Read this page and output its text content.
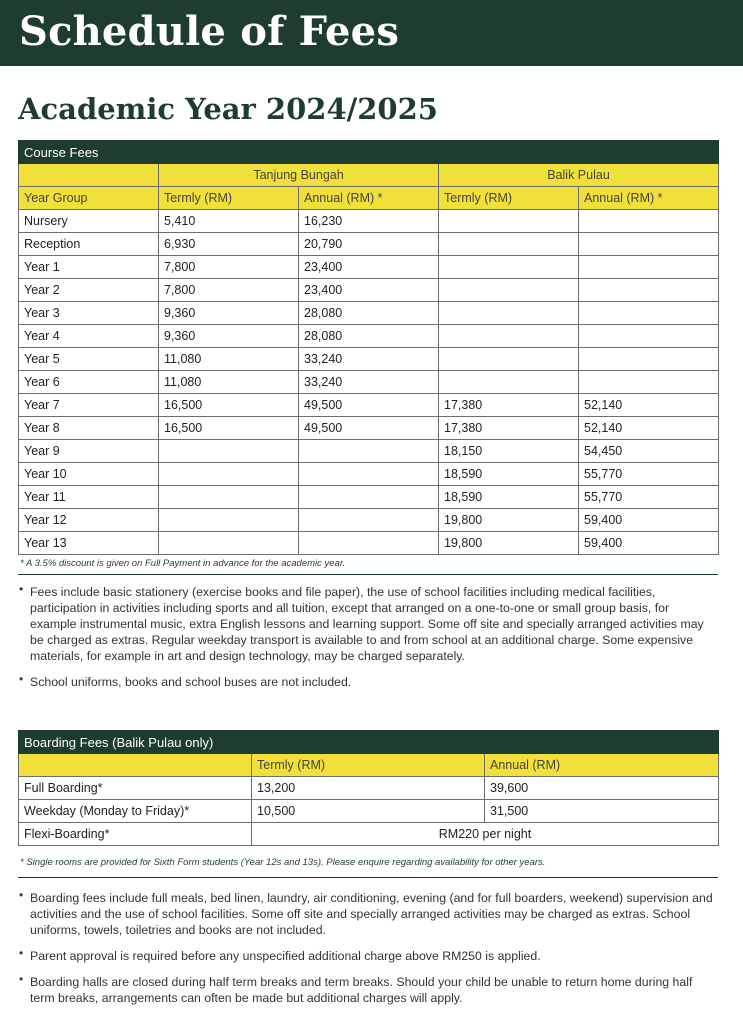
Schedule of Fees
Academic Year 2024/2025
Course Fees				
	Tanjung Bungah		Balik Pulau	
Year Group	Termly (RM)	Annual (RM) *	Termly (RM)	Annual (RM) *
Nursery	5,410	16,230		
Reception	6,930	20,790		
Year 1	7,800	23,400		
Year 2	7,800	23,400		
Year 3	9,360	28,080		
Year 4	9,360	28,080		
Year 5	11,080	33,240		
Year 6	11,080	33,240		
Year 7	16,500	49,500	17,380	52,140
Year 8	16,500	49,500	17,380	52,140
Year 9			18,150	54,450
Year 10			18,590	55,770
Year 11			18,590	55,770
Year 12			19,800	59,400
Year 13			19,800	59,400

* A 3.5% discount is given on Full Payment in advance for the academic year.

• Fees include basic stationery (exercise books and file paper), the use of school facilities including medical facilities, participation in activities including sports and all tuition, except that arranged on a one-to-one or small group basis, for example instrumental music, extra English lessons and learning support. Some off site and specially arranged activities may be charged as extras. Regular weekday transport is available to and from school at an additional charge. Some expensive materials, for example in art and design technology, may be charged separately.
• School uniforms, books and school buses are not included.
Boarding Fees (Balik Pulau only)		
	Termly (RM)	Annual (RM)
Full Boarding*	13,200	39,600
Weekday (Monday to Friday)*	10,500	31,500
Flexi-Boarding*	RM220 per night	

* Single rooms are provided for Sixth Form students (Year 12s and 13s). Please enquire regarding availability for other years.

• Boarding fees include full meals, bed linen, laundry, air conditioning, evening (and for full boarders, weekend) supervision and activities and the use of school facilities. Some off site and specially arranged activities may be charged as extras. School uniforms, towels, toiletries and books are not included.
• Parent approval is required before any unspecified additional charge above RM250 is applied.
• Boarding halls are closed during half term breaks and term breaks. Should your child be unable to return home during half term breaks, arrangements can often be made but additional charges will apply.
